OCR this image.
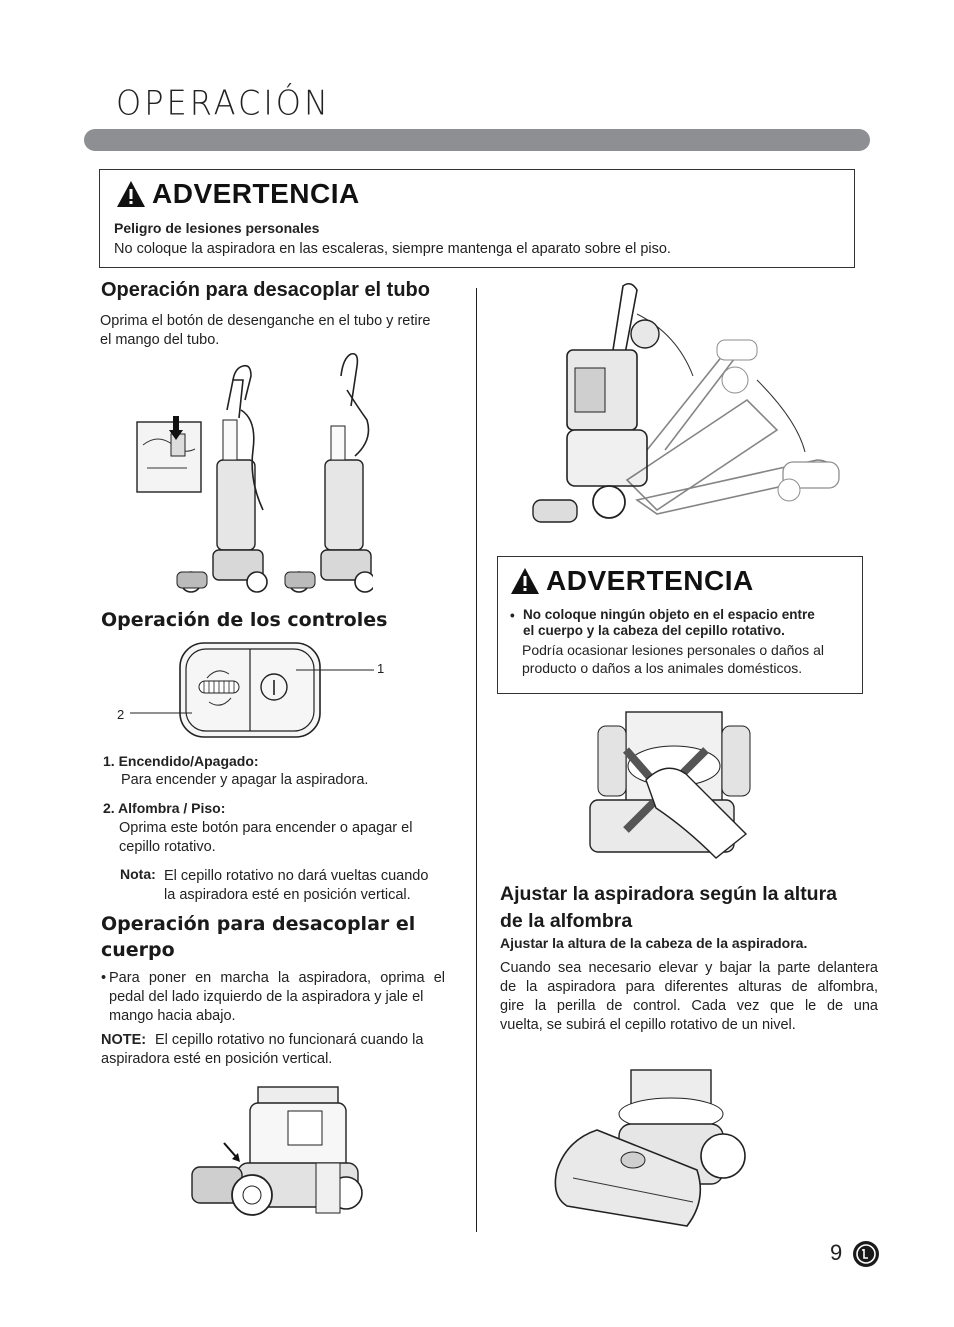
OPERACIÓN
ADVERTENCIA
Peligro de lesiones personales
No coloque la aspiradora en las escaleras, siempre mantenga el aparato sobre el piso.
Operación para desacoplar el tubo
Oprima el botón de desenganche en el tubo y retire
el mango del tubo.
Operación de los controles
1
2
1. Encendido/Apagado:
Para encender y apagar la aspiradora.
2. Alfombra / Piso:
Oprima este botón para encender o apagar el
cepillo rotativo.
Nota: El cepillo rotativo no dará vueltas cuando
la aspiradora esté en posición vertical.
Operación para desacoplar el
cuerpo
• Para poner en marcha la aspiradora, oprima el
pedal del lado izquierdo de la aspiradora y jale el
mango hacia abajo.
NOTE: El cepillo rotativo no funcionará cuando la
aspiradora esté en posición vertical.
ADVERTENCIA
• No coloque ningún objeto en el espacio entre
el cuerpo y la cabeza del cepillo rotativo.
Podría ocasionar lesiones personales o daños al
producto o daños a los animales domésticos.
Ajustar la aspiradora según la altura
de la alfombra
Ajustar la altura de la cabeza de la aspiradora.
Cuando sea necesario elevar y bajar la parte delantera
de la aspiradora para diferentes alturas de alfombra,
gire la perilla de control. Cada vez que le de una
vuelta, se subirá el cepillo rotativo de un nivel.
9
